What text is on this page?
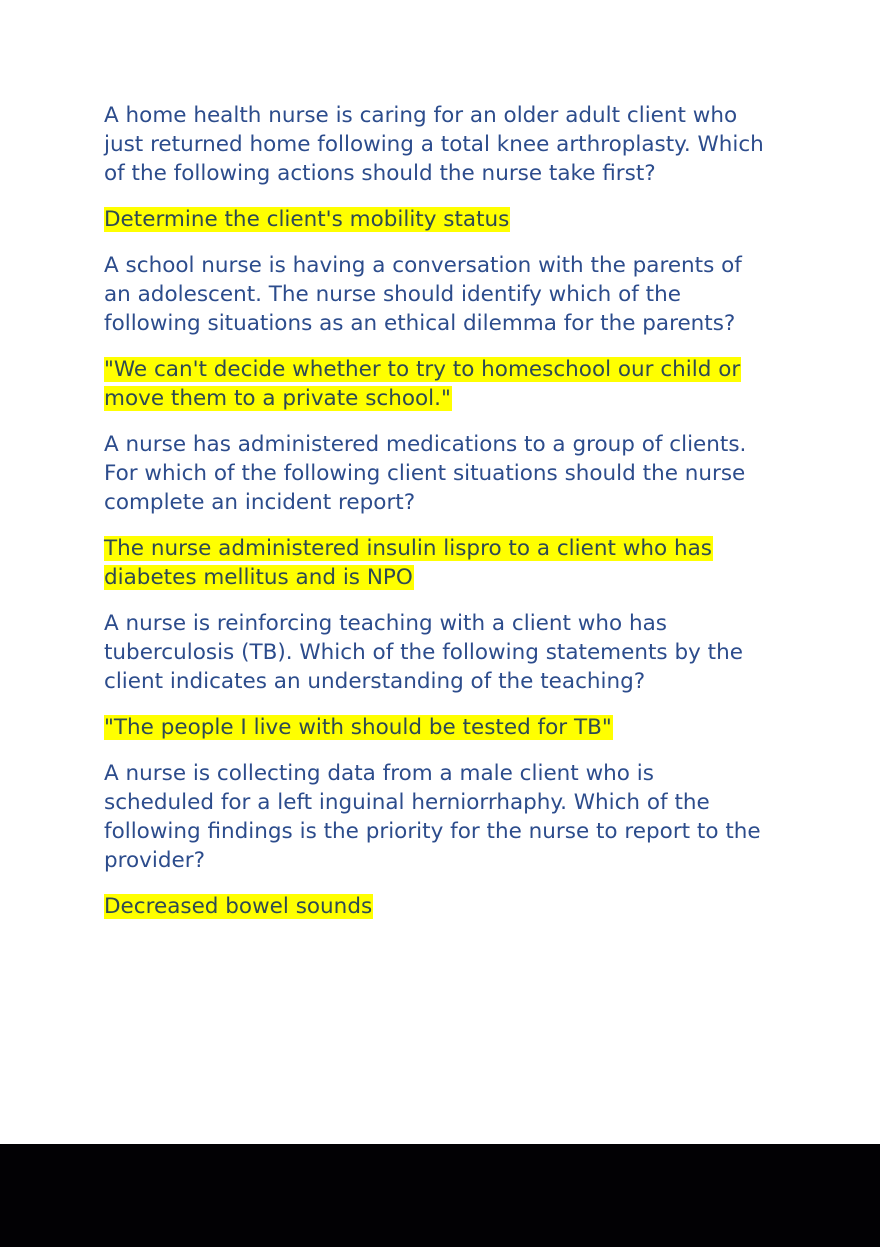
A home health nurse is caring for an older adult client who just returned home following a total knee arthroplasty. Which of the following actions should the nurse take first?

Determine the client's mobility status

A school nurse is having a conversation with the parents of an adolescent. The nurse should identify which of the following situations as an ethical dilemma for the parents?

"We can't decide whether to try to homeschool our child or move them to a private school."

A nurse has administered medications to a group of clients. For which of the following client situations should the nurse complete an incident report?

The nurse administered insulin lispro to a client who has diabetes mellitus and is NPO

A nurse is reinforcing teaching with a client who has tuberculosis (TB). Which of the following statements by the client indicates an understanding of the teaching?

"The people I live with should be tested for TB"

A nurse is collecting data from a male client who is scheduled for a left inguinal herniorrhaphy. Which of the following findings is the priority for the nurse to report to the provider?

Decreased bowel sounds
